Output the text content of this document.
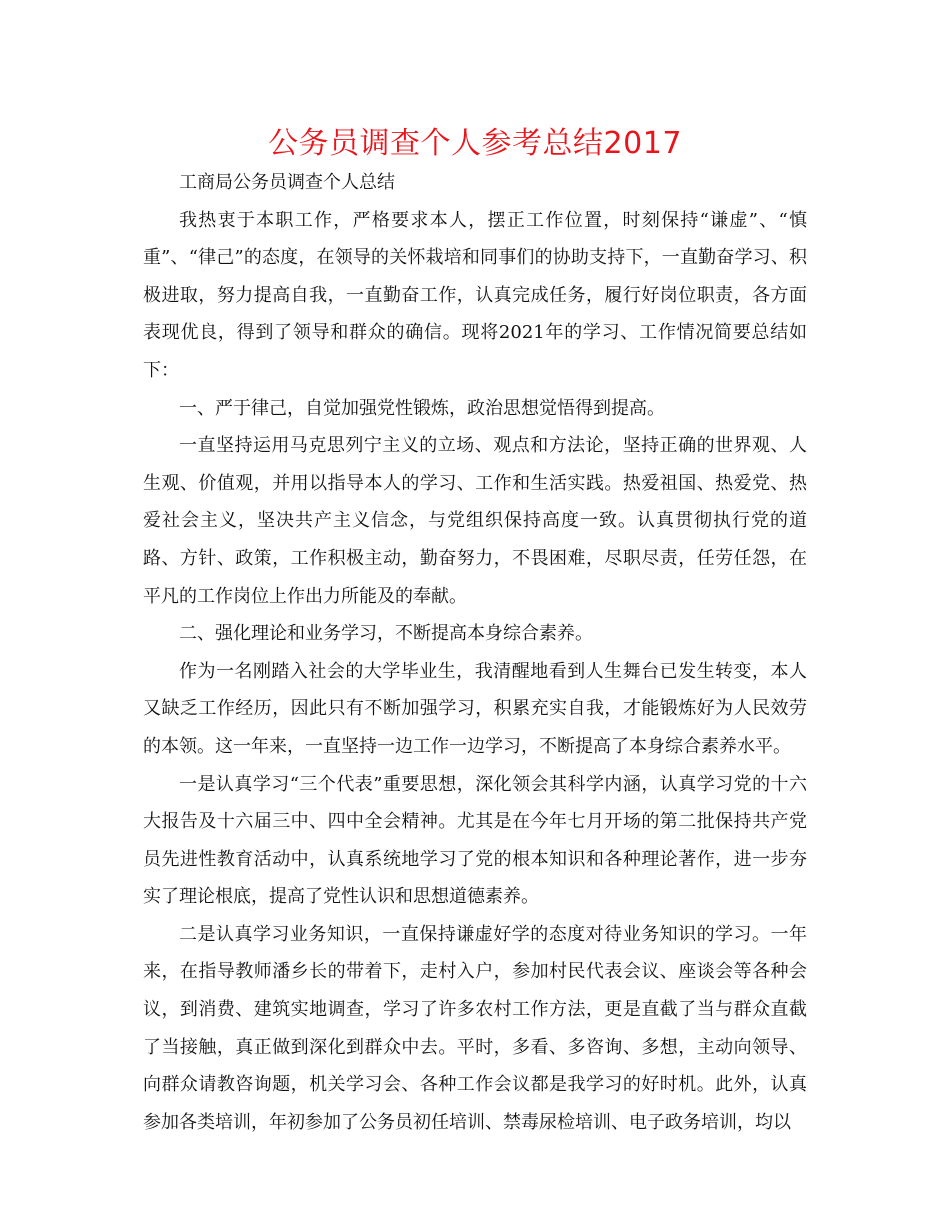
公务员调查个人参考总结2017

工商局公务员调查个人总结

我热衷于本职工作，严格要求本人，摆正工作位置，时刻保持“谦虚”、“慎重”、“律己”的态度，在领导的关怀栽培和同事们的协助支持下，一直勤奋学习、积极进取，努力提高自我，一直勤奋工作，认真完成任务，履行好岗位职责，各方面表现优良，得到了领导和群众的确信。现将2021年的学习、工作情况简要总结如下：

一、严于律己，自觉加强党性锻炼，政治思想觉悟得到提高。

一直坚持运用马克思列宁主义的立场、观点和方法论，坚持正确的世界观、人生观、价值观，并用以指导本人的学习、工作和生活实践。热爱祖国、热爱党、热爱社会主义，坚决共产主义信念，与党组织保持高度一致。认真贯彻执行党的道路、方针、政策，工作积极主动，勤奋努力，不畏困难，尽职尽责，任劳任怨，在平凡的工作岗位上作出力所能及的奉献。

二、强化理论和业务学习，不断提高本身综合素养。

作为一名刚踏入社会的大学毕业生，我清醒地看到人生舞台已发生转变，本人又缺乏工作经历，因此只有不断加强学习，积累充实自我，才能锻炼好为人民效劳的本领。这一年来，一直坚持一边工作一边学习，不断提高了本身综合素养水平。

一是认真学习“三个代表”重要思想，深化领会其科学内涵，认真学习党的十六大报告及十六届三中、四中全会精神。尤其是在今年七月开场的第二批保持共产党员先进性教育活动中，认真系统地学习了党的根本知识和各种理论著作，进一步夯实了理论根底，提高了党性认识和思想道德素养。

二是认真学习业务知识，一直保持谦虚好学的态度对待业务知识的学习。一年来，在指导教师潘乡长的带着下，走村入户，参加村民代表会议、座谈会等各种会议，到消费、建筑实地调查，学习了许多农村工作方法，更是直截了当与群众直截了当接触，真正做到深化到群众中去。平时，多看、多咨询、多想，主动向领导、向群众请教咨询题，机关学习会、各种工作会议都是我学习的好时机。此外，认真参加各类培训，年初参加了公务员初任培训、禁毒尿检培训、电子政务培训，均以
